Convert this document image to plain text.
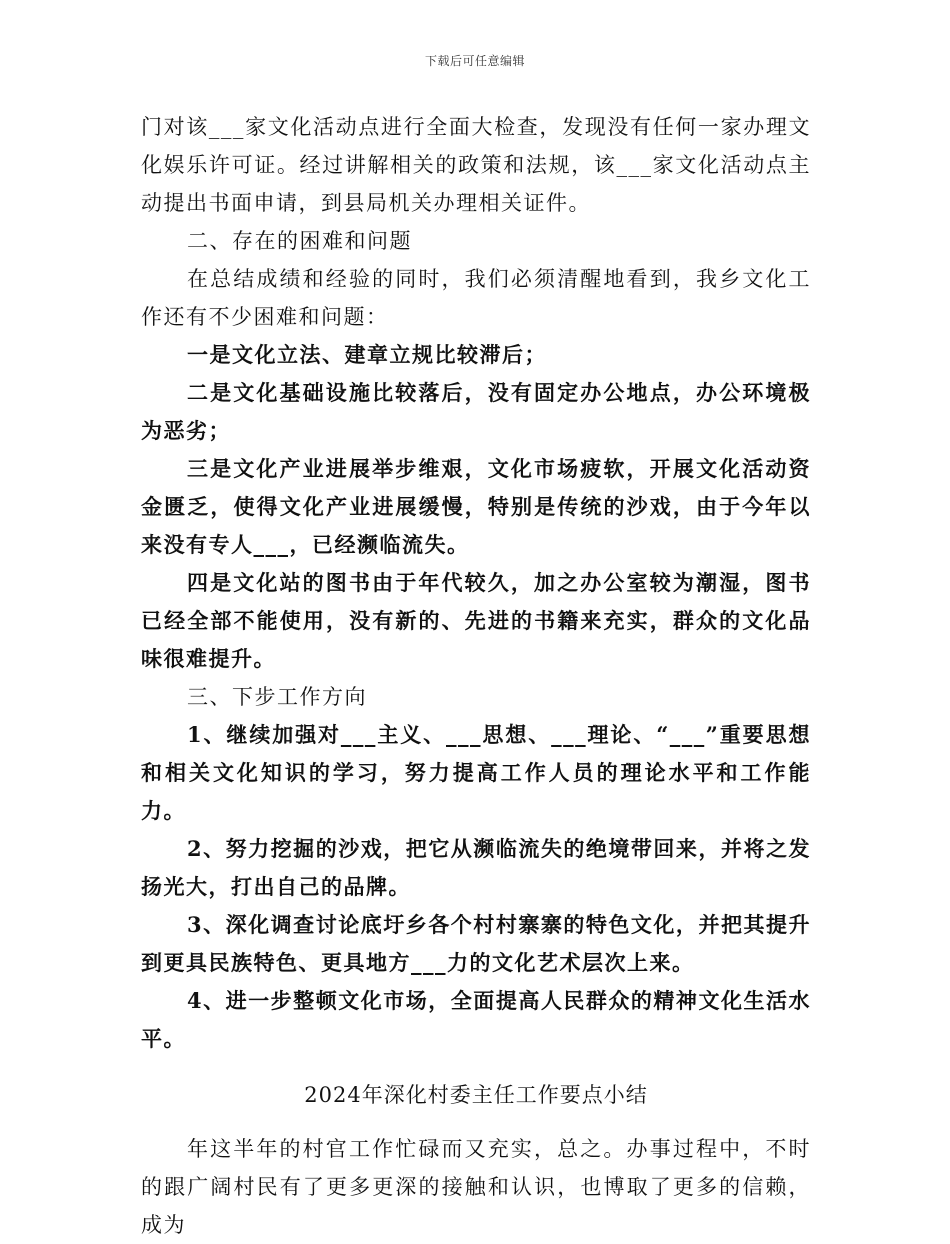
下载后可任意编辑

门对该___家文化活动点进行全面大检查，发现没有任何一家办理文化娱乐许可证。经过讲解相关的政策和法规，该___家文化活动点主动提出书面申请，到县局机关办理相关证件。

二、存在的困难和问题

在总结成绩和经验的同时，我们必须清醒地看到，我乡文化工作还有不少困难和问题：

一是文化立法、建章立规比较滞后；

二是文化基础设施比较落后，没有固定办公地点，办公环境极为恶劣；

三是文化产业进展举步维艰，文化市场疲软，开展文化活动资金匮乏，使得文化产业进展缓慢，特别是传统的沙戏，由于今年以来没有专人___，已经濒临流失。

四是文化站的图书由于年代较久，加之办公室较为潮湿，图书已经全部不能使用，没有新的、先进的书籍来充实，群众的文化品味很难提升。

三、下步工作方向

1、继续加强对___主义、___思想、___理论、“___”重要思想和相关文化知识的学习，努力提高工作人员的理论水平和工作能力。

2、努力挖掘的沙戏，把它从濒临流失的绝境带回来，并将之发扬光大，打出自己的品牌。

3、深化调查讨论底圩乡各个村村寨寨的特色文化，并把其提升到更具民族特色、更具地方___力的文化艺术层次上来。

4、进一步整顿文化市场，全面提高人民群众的精神文化生活水平。

2024年深化村委主任工作要点小结

年这半年的村官工作忙碌而又充实，总之。办事过程中，不时的跟广阔村民有了更多更深的接触和认识，也博取了更多的信赖，成为
